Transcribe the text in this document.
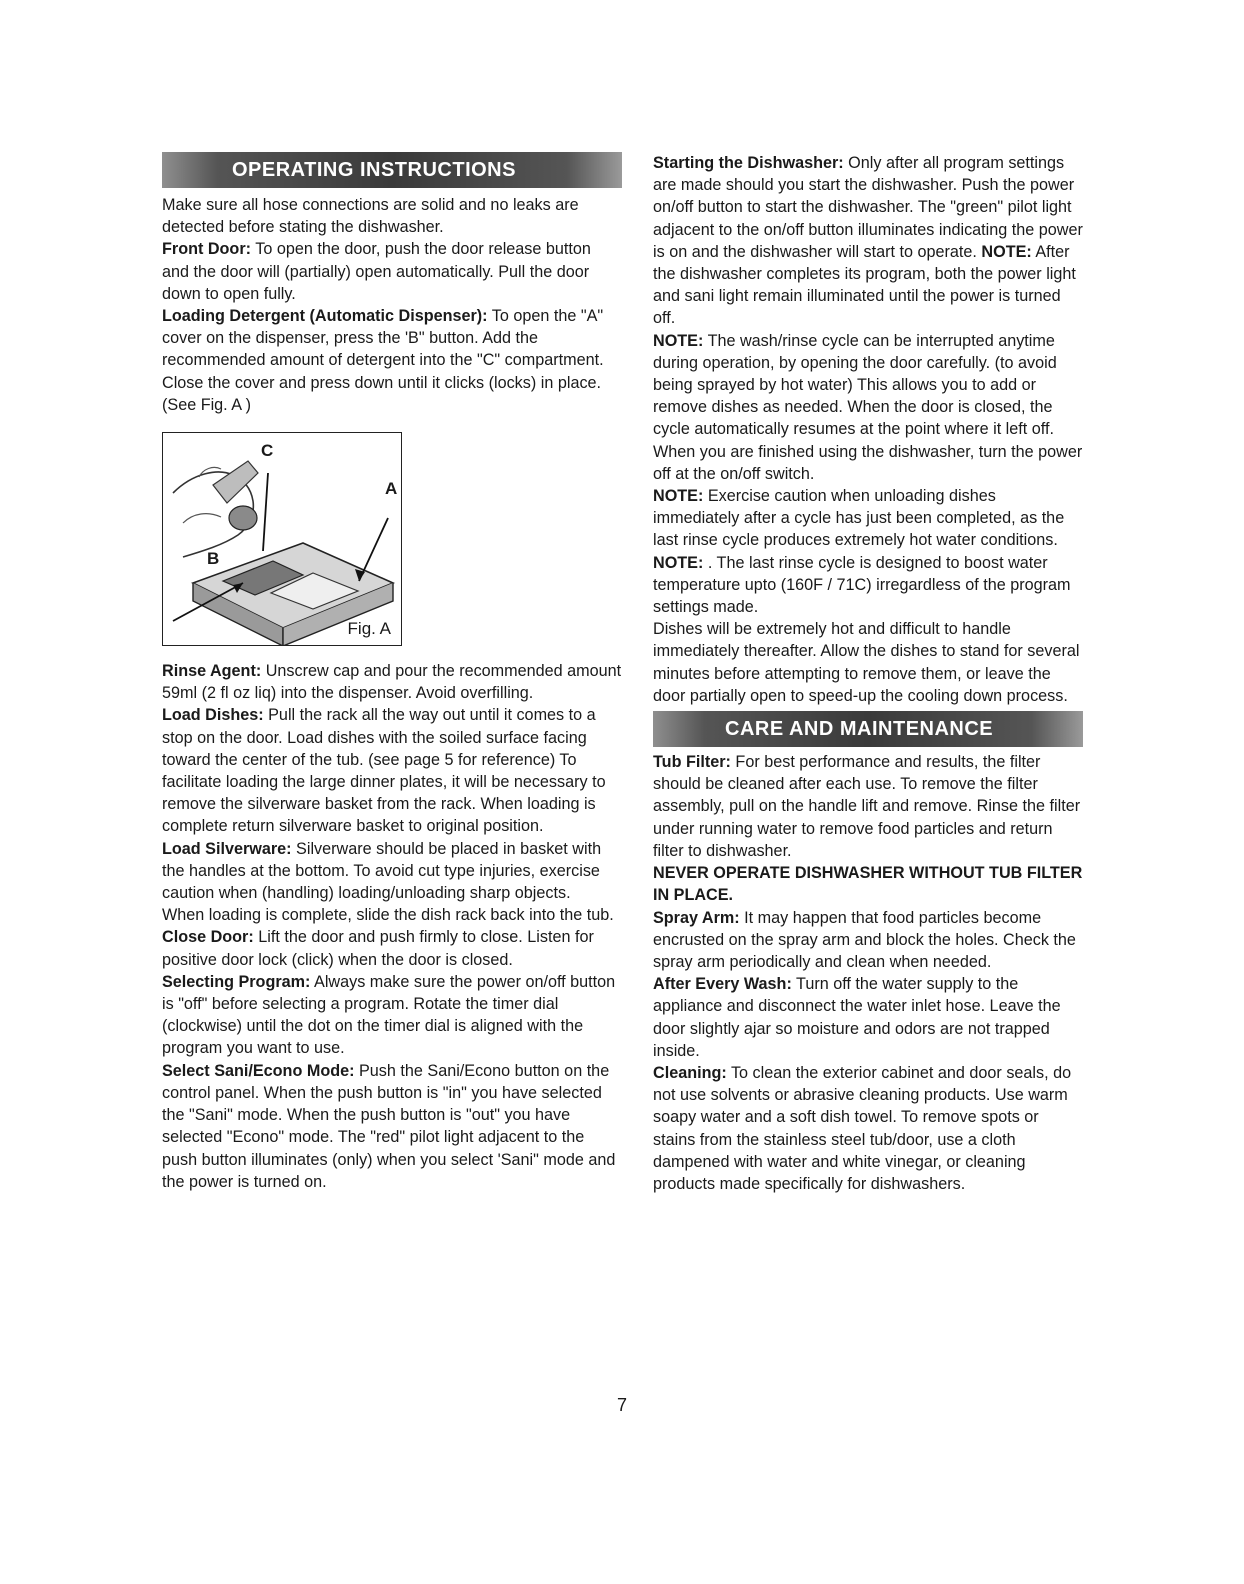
OPERATING INSTRUCTIONS

Make sure all hose connections are solid and no leaks are detected before stating the dishwasher.

Front Door: To open the door, push the door release button and the door will (partially) open automatically. Pull the door down to open fully.

Loading Detergent (Automatic Dispenser): To open the "A" cover on the dispenser, press the 'B" button. Add the recommended amount of detergent into the "C" compartment. Close the cover and press down until it clicks (locks) in place. (See Fig. A )

C
A
B
Fig. A

Rinse Agent: Unscrew cap and pour the recommended amount 59ml (2 fl oz liq) into the dispenser. Avoid overfilling.

Load Dishes: Pull the rack all the way out until it comes to a stop on the door. Load dishes with the soiled surface facing toward the center of the tub. (see page 5 for reference) To facilitate loading the large dinner plates, it will be necessary to remove the silverware basket from the rack. When loading is complete return silverware basket to original position.

Load Silverware: Silverware should be placed in basket with the handles at the bottom. To avoid cut type injuries, exercise caution when (handling) loading/unloading sharp objects.

When loading is complete, slide the dish rack back into the tub.

Close Door: Lift the door and push firmly to close. Listen for positive door lock (click) when the door is closed.

Selecting Program: Always make sure the power on/off button is "off" before selecting a program. Rotate the timer dial (clockwise) until the dot on the timer dial is aligned with the program you want to use.

Select Sani/Econo Mode: Push the Sani/Econo button on the control panel. When the push button is "in" you have selected the "Sani" mode. When the push button is "out" you have selected "Econo" mode. The "red" pilot light adjacent to the push button illuminates (only) when you select 'Sani" mode and the power is turned on.

Starting the Dishwasher: Only after all program settings are made should you start the dishwasher. Push the power on/off button to start the dishwasher. The "green" pilot light adjacent to the on/off button illuminates indicating the power is on and the dishwasher will start to operate. NOTE: After the dishwasher completes its program, both the power light and sani light remain illuminated until the power is turned off.

NOTE: The wash/rinse cycle can be interrupted anytime during operation, by opening the door carefully. (to avoid being sprayed by hot water) This allows you to add or remove dishes as needed. When the door is closed, the cycle automatically resumes at the point where it left off. When you are finished using the dishwasher, turn the power off at the on/off switch.

NOTE: Exercise caution when unloading dishes immediately after a cycle has just been completed, as the last rinse cycle produces extremely hot water conditions.

NOTE: . The last rinse cycle is designed to boost water temperature upto (160F / 71C) irregardless of the program settings made.

Dishes will be extremely hot and difficult to handle immediately thereafter. Allow the dishes to stand for several minutes before attempting to remove them, or leave the door partially open to speed-up the cooling down process.

CARE AND MAINTENANCE

Tub Filter: For best performance and results, the filter should be cleaned after each use. To remove the filter assembly, pull on the handle lift and remove. Rinse the filter under running water to remove food particles and return filter to dishwasher.

NEVER OPERATE DISHWASHER WITHOUT TUB FILTER IN PLACE.

Spray Arm: It may happen that food particles become encrusted on the spray arm and block the holes. Check the spray arm periodically and clean when needed.

After Every Wash: Turn off the water supply to the appliance and disconnect the water inlet hose. Leave the door slightly ajar so moisture and odors are not trapped inside.

Cleaning: To clean the exterior cabinet and door seals, do not use solvents or abrasive cleaning products. Use warm soapy water and a soft dish towel. To remove spots or stains from the stainless steel tub/door, use a cloth dampened with water and white vinegar, or cleaning products made specifically for dishwashers.

7
